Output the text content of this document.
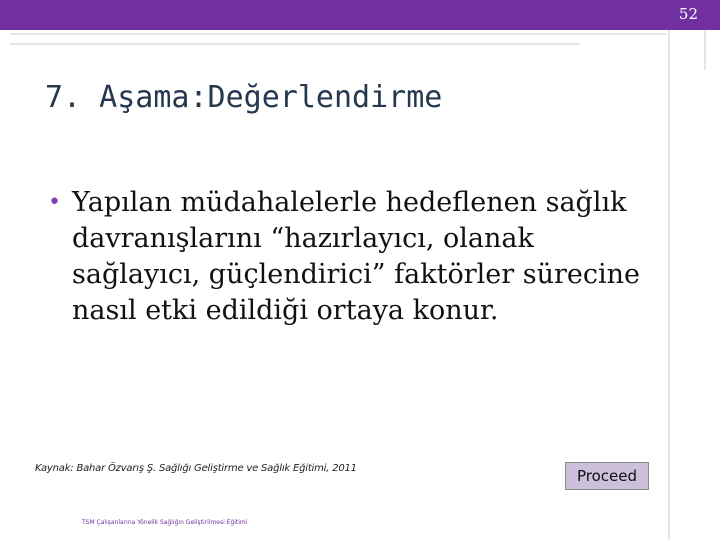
52
7. Aşama:Değerlendirme
• Yapılan müdahalelerle hedeflenen sağlık davranışlarını “hazırlayıcı, olanak sağlayıcı, güçlendirici” faktörler sürecine nasıl etki edildiği ortaya konur.
Kaynak: Bahar Özvarış Ş. Sağlığı Geliştirme ve Sağlık Eğitimi, 2011	Proceed
TSM Çalışanlarına Yönelik Sağlığın Geliştirilmesi Eğitimi
